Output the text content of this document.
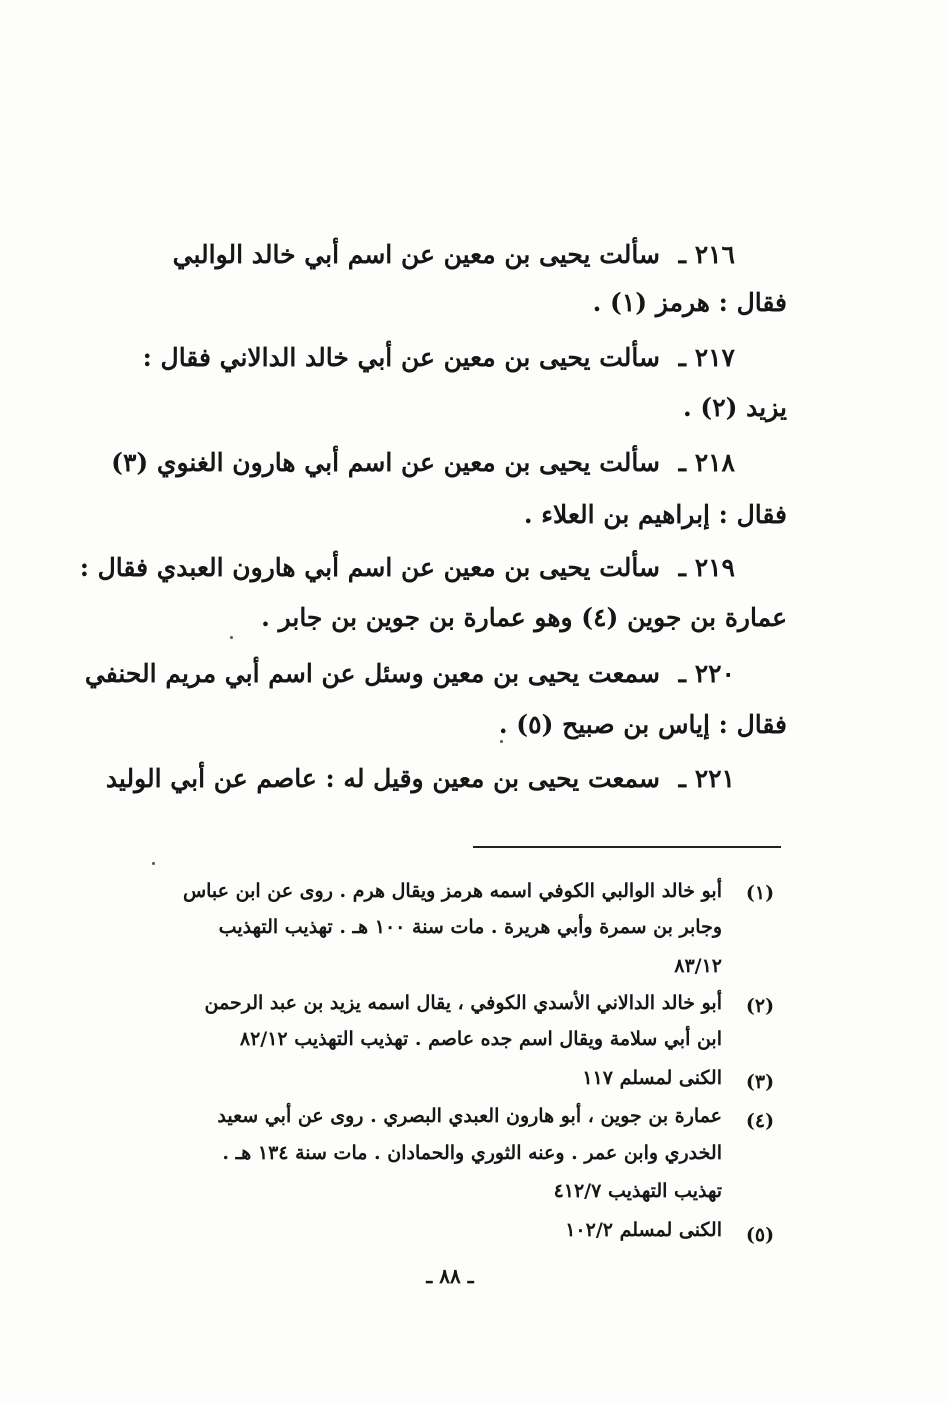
٢١٦ ـ سألت يحيى بن معين عن اسم أبي خالد الوالبي
فقال : هرمز (١) .
٢١٧ ـ سألت يحيى بن معين عن أبي خالد الدالاني فقال :
يزيد (٢) .
٢١٨ ـ سألت يحيى بن معين عن اسم أبي هارون الغنوي (٣)
فقال : إبراهيم بن العلاء .
٢١٩ ـ سألت يحيى بن معين عن اسم أبي هارون العبدي فقال :
عمارة بن جوين (٤) وهو عمارة بن جوين بن جابر .
٢٢٠ ـ سمعت يحيى بن معين وسئل عن اسم أبي مريم الحنفي
فقال : إياس بن صبيح (٥) .
٢٢١ ـ سمعت يحيى بن معين وقيل له : عاصم عن أبي الوليد
(١)
أبو خالد الوالبي الكوفي اسمه هرمز ويقال هرم . روى عن ابن عباس
وجابر بن سمرة وأبي هريرة . مات سنة ١٠٠ هـ . تهذيب التهذيب
٨٣/١٢
(٢)
أبو خالد الدالاني الأسدي الكوفي ، يقال اسمه يزيد بن عبد الرحمن
ابن أبي سلامة ويقال اسم جده عاصم . تهذيب التهذيب ٨٢/١٢
(٣)
الكنى لمسلم ١١٧
(٤)
عمارة بن جوين ، أبو هارون العبدي البصري . روى عن أبي سعيد
الخدري وابن عمر . وعنه الثوري والحمادان . مات سنة ١٣٤ هـ .
تهذيب التهذيب ٤١٢/٧
(٥)
الكنى لمسلم ١٠٢/٢
ـ ٨٨ ـ
